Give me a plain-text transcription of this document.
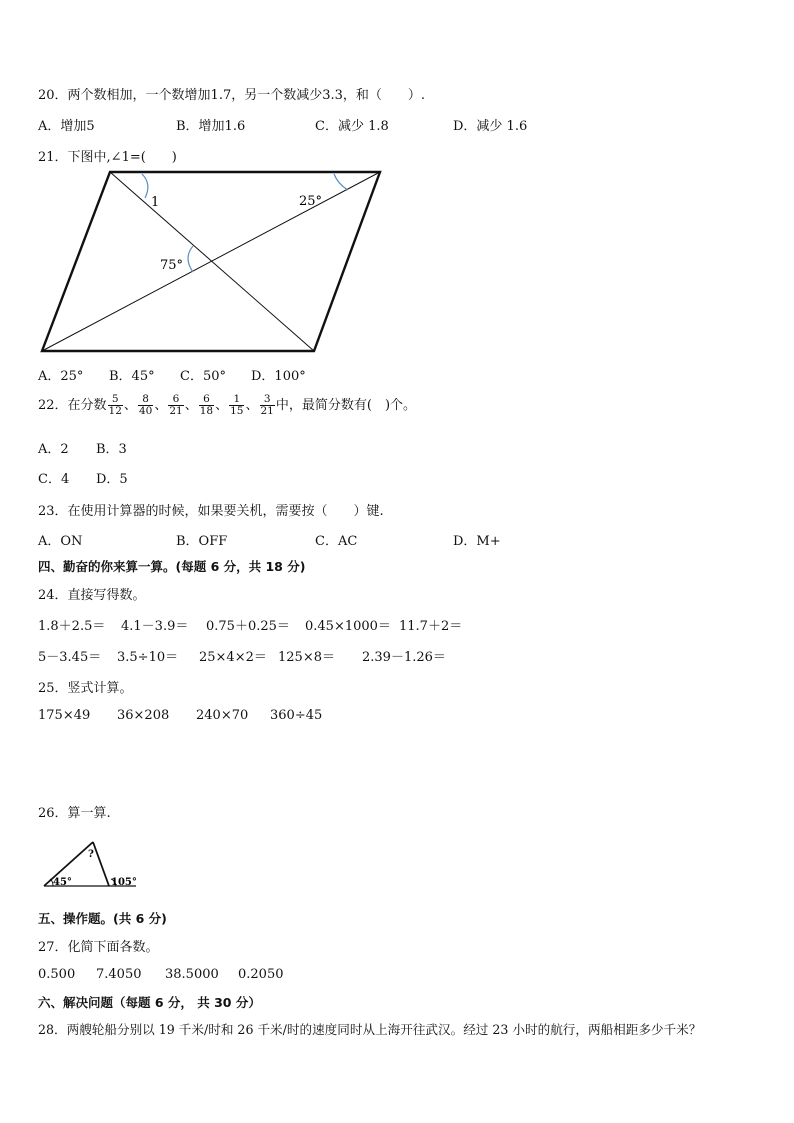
20．两个数相加，一个数增加1.7，另一个数减少3.3，和（　　）.
A．增加5	B．增加1.6	C．减少 1.8	D．减少 1.6
21．下图中,∠1=(　　)
1	25°
75°
A．25° B．45° C．50° D．100°
22．在分数 $\frac{5}{12}$ 、 $\frac{8}{40}$ 、 $\frac{6}{21}$ 、 $\frac{6}{18}$ 、 $\frac{1}{15}$ 、 $\frac{3}{21}$ 中，最简分数有(　)个。
A．2 B．3
C．4 D．5
23．在使用计算器的时候，如果要关机，需要按（　　）键.
A．ON	B．OFF	C．AC	D．M+
四、勤奋的你来算一算。(每题 6 分，共 18 分)
24．直接写得数。
1.8＋2.5＝ 4.1－3.9＝ 0.75＋0.25＝ 0.45×1000＝ 11.7＋2＝
5－3.45＝ 3.5÷10＝ 25×4×2＝ 125×8＝ 2.39－1.26＝
25．竖式计算。
175×49 36×208 240×70 360÷45
26．算一算.
45°
?
105°
五、操作题。(共 6 分)
27．化简下面各数。
0.500 7.4050 38.5000 0.2050
六、解决问题（每题 6 分， 共 30 分）
28．两艘轮船分别以 19 千米/时和 26 千米/时的速度同时从上海开往武汉。经过 23 小时的航行，两船相距多少千米？
